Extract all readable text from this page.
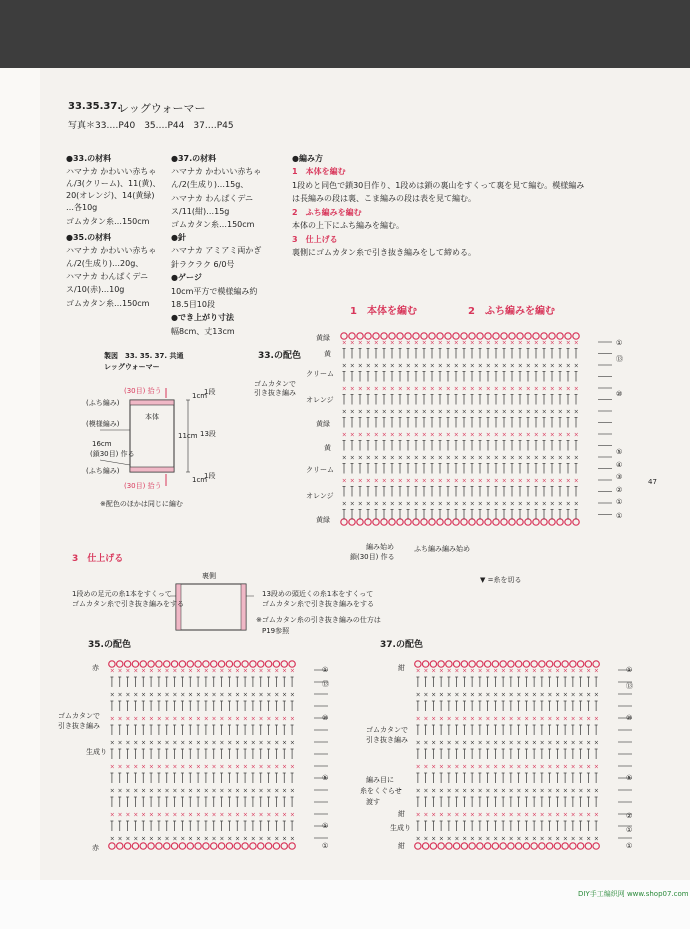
33.35.37.
レッグウォーマー
写真＊33.…P40　35.…P44　37.…P45
●33.の材料
ハマナカ かわいい赤ちゃ
ん/3(クリーム)、11(黄)、
20(オレンジ)、14(黄緑)
…各10g
ゴムカタン糸…150cm
●35.の材料
ハマナカ かわいい赤ちゃ
ん/2(生成り)…20g、
ハマナカ わんぱくデニ
ス/10(赤)…10g
ゴムカタン糸…150cm
●37.の材料
ハマナカ かわいい赤ちゃ
ん/2(生成り)…15g、
ハマナカ わんぱくデニ
ス/11(紺)…15g
ゴムカタン糸…150cm
●針
ハマナカ アミアミ両かぎ
針ラクラク 6/0号
●ゲージ
10cm平方で模様編み約
18.5目10段
●でき上がり寸法
幅8cm、丈13cm
●編み方
1　本体を編む
1段めと同色で鎖30目作り、1段めは鎖の裏山をすくって裏を見て編む。模様編み
は長編みの段は裏、こま編みの段は表を見て編む。
2　ふち編みを編む
本体の上下にふち編みを編む。
3　仕上げる
裏側にゴムカタン糸で引き抜き編みをして締める。
製図　33. 35. 37. 共通
レッグウォーマー
(30目) 拾う
(30目) 拾う
(ふち編み)
本体
(模様編み)
16cm
(鎖30目) 作る
(ふち編み)
1cm
1段
11cm 13段
1cm
1段
※配色のほかは同じに編む
1　本体を編む	2　ふち編みを編む
33.の配色
ゴムカタンで引き抜き編み
× × × × × × × × × × × × × × × × × × × × × × × × × × × × × ×
× × × × × × × × × × × × × × × × × × × × × × × × × × × × × ×
× × × × × × × × × × × × × × × × × × × × × × × × × × × × × ×
× × × × × × × × × × × × × × × × × × × × × × × × × × × × × ×
× × × × × × × × × × × × × × × × × × × × × × × × × × × × × ×
× × × × × × × × × × × × × × × × × × × × × × × × × × × × × ×
× × × × × × × × × × × × × × × × × × × × × × × × × × × × × ×
× × × × × × × × × × × × × × × × × × × × × × × × × × × × × ×
黄緑
黄
クリーム
オレンジ
黄緑
黄
クリーム
オレンジ
黄緑
①
⑬
⑩
⑤
④
③
②
①
①
47
編み始め
鎖(30目) 作る
ふち編み編み始め
3　仕上げる
裏側
1段めの足元の糸1本をすくって
ゴムカタン糸で引き抜き編みをする
13段めの頭近くの糸1本をすくって
ゴムカタン糸で引き抜き編みをする
※ゴムカタン糸の引き抜き編みの仕方は
P19参照
▼ =糸を切る
35.の配色
赤
ゴムカタンで
引き抜き編み
生成り
赤
× × × × × × × × × × × × × × × × × × × × × × × ×
× × × × × × × × × × × × × × × × × × × × × × × ×
× × × × × × × × × × × × × × × × × × × × × × × ×
× × × × × × × × × × × × × × × × × × × × × × × ×
× × × × × × × × × × × × × × × × × × × × × × × ×
× × × × × × × × × × × × × × × × × × × × × × × ×
× × × × × × × × × × × × × × × × × × × × × × × ×
× × × × × × × × × × × × × × × × × × × × × × × ×
①
⑬
⑩
⑤
①
①
37.の配色
紺
ゴムカタンで
引き抜き編み
編み目に
糸をくぐらせ
渡す
紺
生成り
紺
× × × × × × × × × × × × × × × × × × × × × × × ×
× × × × × × × × × × × × × × × × × × × × × × × ×
× × × × × × × × × × × × × × × × × × × × × × × ×
× × × × × × × × × × × × × × × × × × × × × × × ×
× × × × × × × × × × × × × × × × × × × × × × × ×
× × × × × × × × × × × × × × × × × × × × × × × ×
× × × × × × × × × × × × × × × × × × × × × × × ×
× × × × × × × × × × × × × × × × × × × × × × × ×
①
⑬
⑩
⑤
②
①
①
DIY手工编织网 www.shop07.com
